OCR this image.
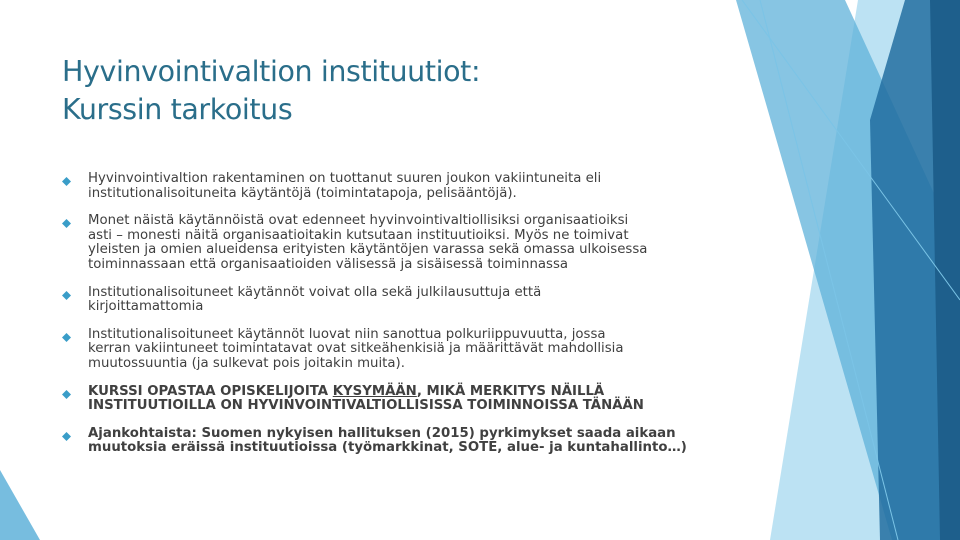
Hyvinvointivaltion instituutiot:
Kurssin tarkoitus
Hyvinvointivaltion rakentaminen on tuottanut suuren joukon vakiintuneita eli
institutionalisoituneita käytäntöjä (toimintatapoja, pelisääntöjä).
Monet näistä käytännöistä ovat edenneet hyvinvointivaltiollisiksi organisaatioiksi
asti – monesti näitä organisaatioitakin kutsutaan instituutioiksi. Myös ne toimivat
yleisten ja omien alueidensa erityisten käytäntöjen varassa sekä omassa ulkoisessa
toiminnassaan että organisaatioiden välisessä ja sisäisessä toiminnassa
Institutionalisoituneet käytännöt voivat olla sekä julkilausuttuja että
kirjoittamattomia
Institutionalisoituneet käytännöt luovat niin sanottua polkuriippuvuutta, jossa
kerran vakiintuneet toimintatavat ovat sitkeähenkisiä ja määrittävät mahdollisia
muutossuuntia (ja sulkevat pois joitakin muita).
KURSSI OPASTAA OPISKELIJOITA KYSYMÄÄN, MIKÄ MERKITYS NÄILLÄ
INSTITUUTIOILLA ON HYVINVOINTIVALTIOLLISISSA TOIMINNOISSA TÄNÄÄN
Ajankohtaista: Suomen nykyisen hallituksen (2015) pyrkimykset saada aikaan
muutoksia eräissä instituutioissa (työmarkkinat, SOTE, alue- ja kuntahallinto…)
